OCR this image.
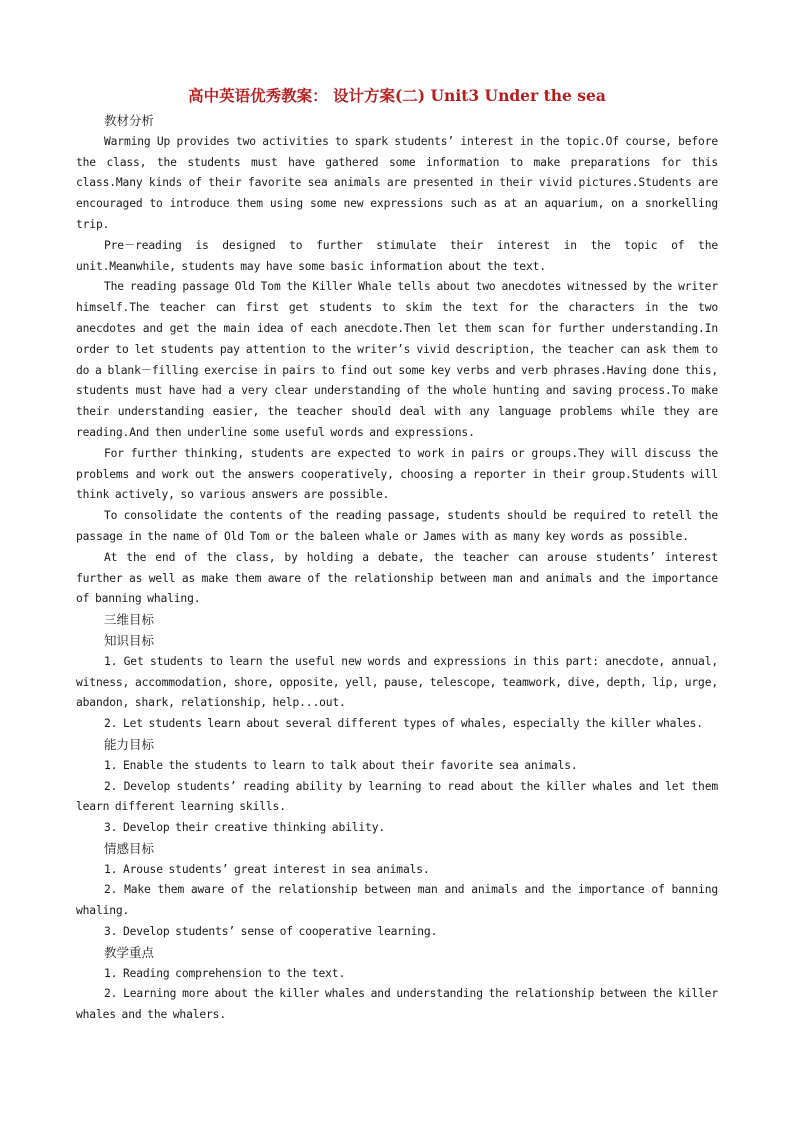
高中英语优秀教案： 设计方案(二) Unit3 Under the sea

教材分析

Warming Up provides two activities to spark students’ interest in the topic.Of course, before the class, the students must have gathered some information to make preparations for this class.Many kinds of their favorite sea animals are presented in their vivid pictures.Students are encouraged to introduce them using some new expressions such as at an aquarium, on a snorkelling trip.

Pre－reading is designed to further stimulate their interest in the topic of the unit.Meanwhile, students may have some basic information about the text.

The reading passage Old Tom the Killer Whale tells about two anecdotes witnessed by the writer himself.The teacher can first get students to skim the text for the characters in the two anecdotes and get the main idea of each anecdote.Then let them scan for further understanding.In order to let students pay attention to the writer’s vivid description, the teacher can ask them to do a blank－filling exercise in pairs to find out some key verbs and verb phrases.Having done this, students must have had a very clear understanding of the whole hunting and saving process.To make their understanding easier, the teacher should deal with any language problems while they are reading.And then underline some useful words and expressions.

For further thinking, students are expected to work in pairs or groups.They will discuss the problems and work out the answers cooperatively, choosing a reporter in their group.Students will think actively, so various answers are possible.

To consolidate the contents of the reading passage, students should be required to retell the passage in the name of Old Tom or the baleen whale or James with as many key words as possible.

At the end of the class, by holding a debate, the teacher can arouse students’ interest further as well as make them aware of the relationship between man and animals and the importance of banning whaling.

三维目标

知识目标

1. Get students to learn the useful new words and expressions in this part: anecdote, annual, witness, accommodation, shore, opposite, yell, pause, telescope, teamwork, dive, depth, lip, urge, abandon, shark, relationship, help...out.

2. Let students learn about several different types of whales, especially the killer whales.

能力目标

1. Enable the students to learn to talk about their favorite sea animals.

2. Develop students’ reading ability by learning to read about the killer whales and let them learn different learning skills.

3. Develop their creative thinking ability.

情感目标

1. Arouse students’ great interest in sea animals.

2. Make them aware of the relationship between man and animals and the importance of banning whaling.

3. Develop students’ sense of cooperative learning.

教学重点

1. Reading comprehension to the text.

2. Learning more about the killer whales and understanding the relationship between the killer whales and the whalers.
